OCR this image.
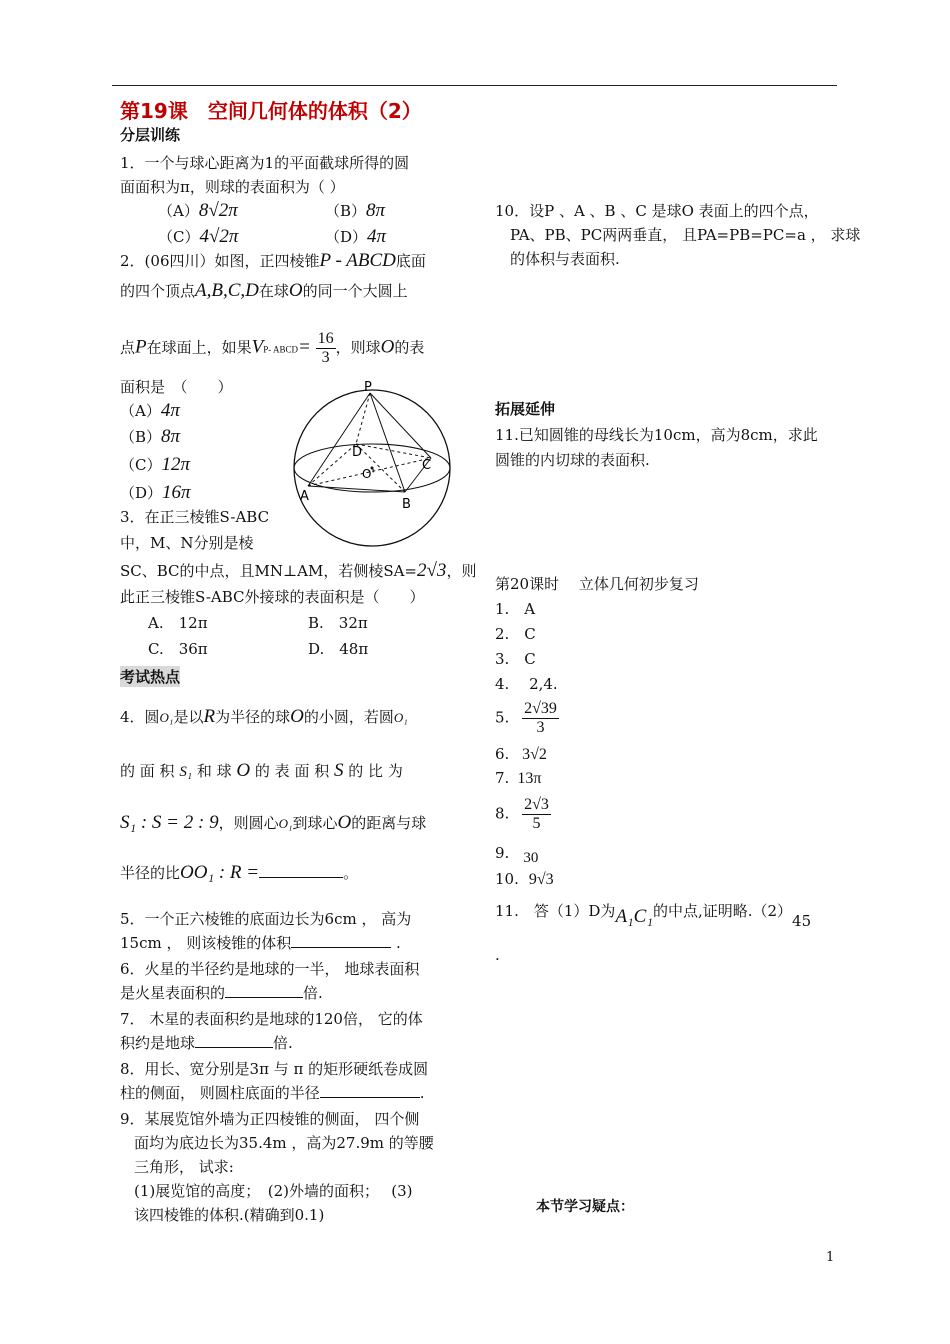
第19课　空间几何体的体积（2）
分层训练
1．一个与球心距离为1的平面截球所得的圆
面面积为π，则球的表面积为（ ）
（A）8√2π	（B）8π
（C）4√2π	（D）4π
2．(06四川）如图，正四棱锥P - ABCD底面
的四个顶点A,B,C,D在球O的同一个大圆上
点P在球面上，如果VP- ABCD= $\frac{16}{3}$ ，则球O的表
面积是　（　　）
（A）4π
（B）8π
（C）12π
（D）16π
P
A
B
C
D
O'
3．在正三棱锥S-ABC
中，M、N分别是棱
SC、BC的中点，且MN⊥AM，若侧棱SA=2√3，则
此正三棱锥S-ABC外接球的表面积是（　　）
A.　12π	B.　32π
C.　36π	D.　48π
考试热点
4．圆O₁是以R为半径的球O的小圆，若圆O₁
的 面 积 S₁ 和 球 O 的 表 面 积 S 的 比 为
S₁ : S = 2 : 9，则圆心O₁到球心O的距离与球
半径的比OO₁ : R =	。
5．一个正六棱锥的底面边长为6cm ， 高为
15cm ， 则该棱锥的体积	.
6．火星的半径约是地球的一半， 地球表面积
是火星表面积的	倍.
7． 木星的表面积约是地球的120倍， 它的体
积约是地球	倍.
8．用长、宽分别是3π 与 π 的矩形硬纸卷成圆
柱的侧面， 则圆柱底面的半径	.
9．某展览馆外墙为正四棱锥的侧面， 四个侧
面均为底边长为35.4m ，高为27.9m 的等腰
三角形， 试求:
(1)展览馆的高度；　(2)外墙的面积；　 (3)
该四棱锥的体积.(精确到0.1)
10．设P 、A 、B 、C 是球O 表面上的四个点，
PA、PB、PC两两垂直， 且PA=PB=PC=a ， 求球
的体积与表面积.
拓展延伸
11.已知圆锥的母线长为10cm，高为8cm，求此
圆锥的内切球的表面积.
第20课时　 立体几何初步复习
1.　A
2.　C
3.　C
4.　 2,4.
5. $\frac{2√39}{3}$
6. 3√2
7. 13π
8. $\frac{2√3}{5}$
9. 30
10. 9√3
11.　答（1）D为A₁C₁的中点,证明略.（2）45
.
本节学习疑点：
1
